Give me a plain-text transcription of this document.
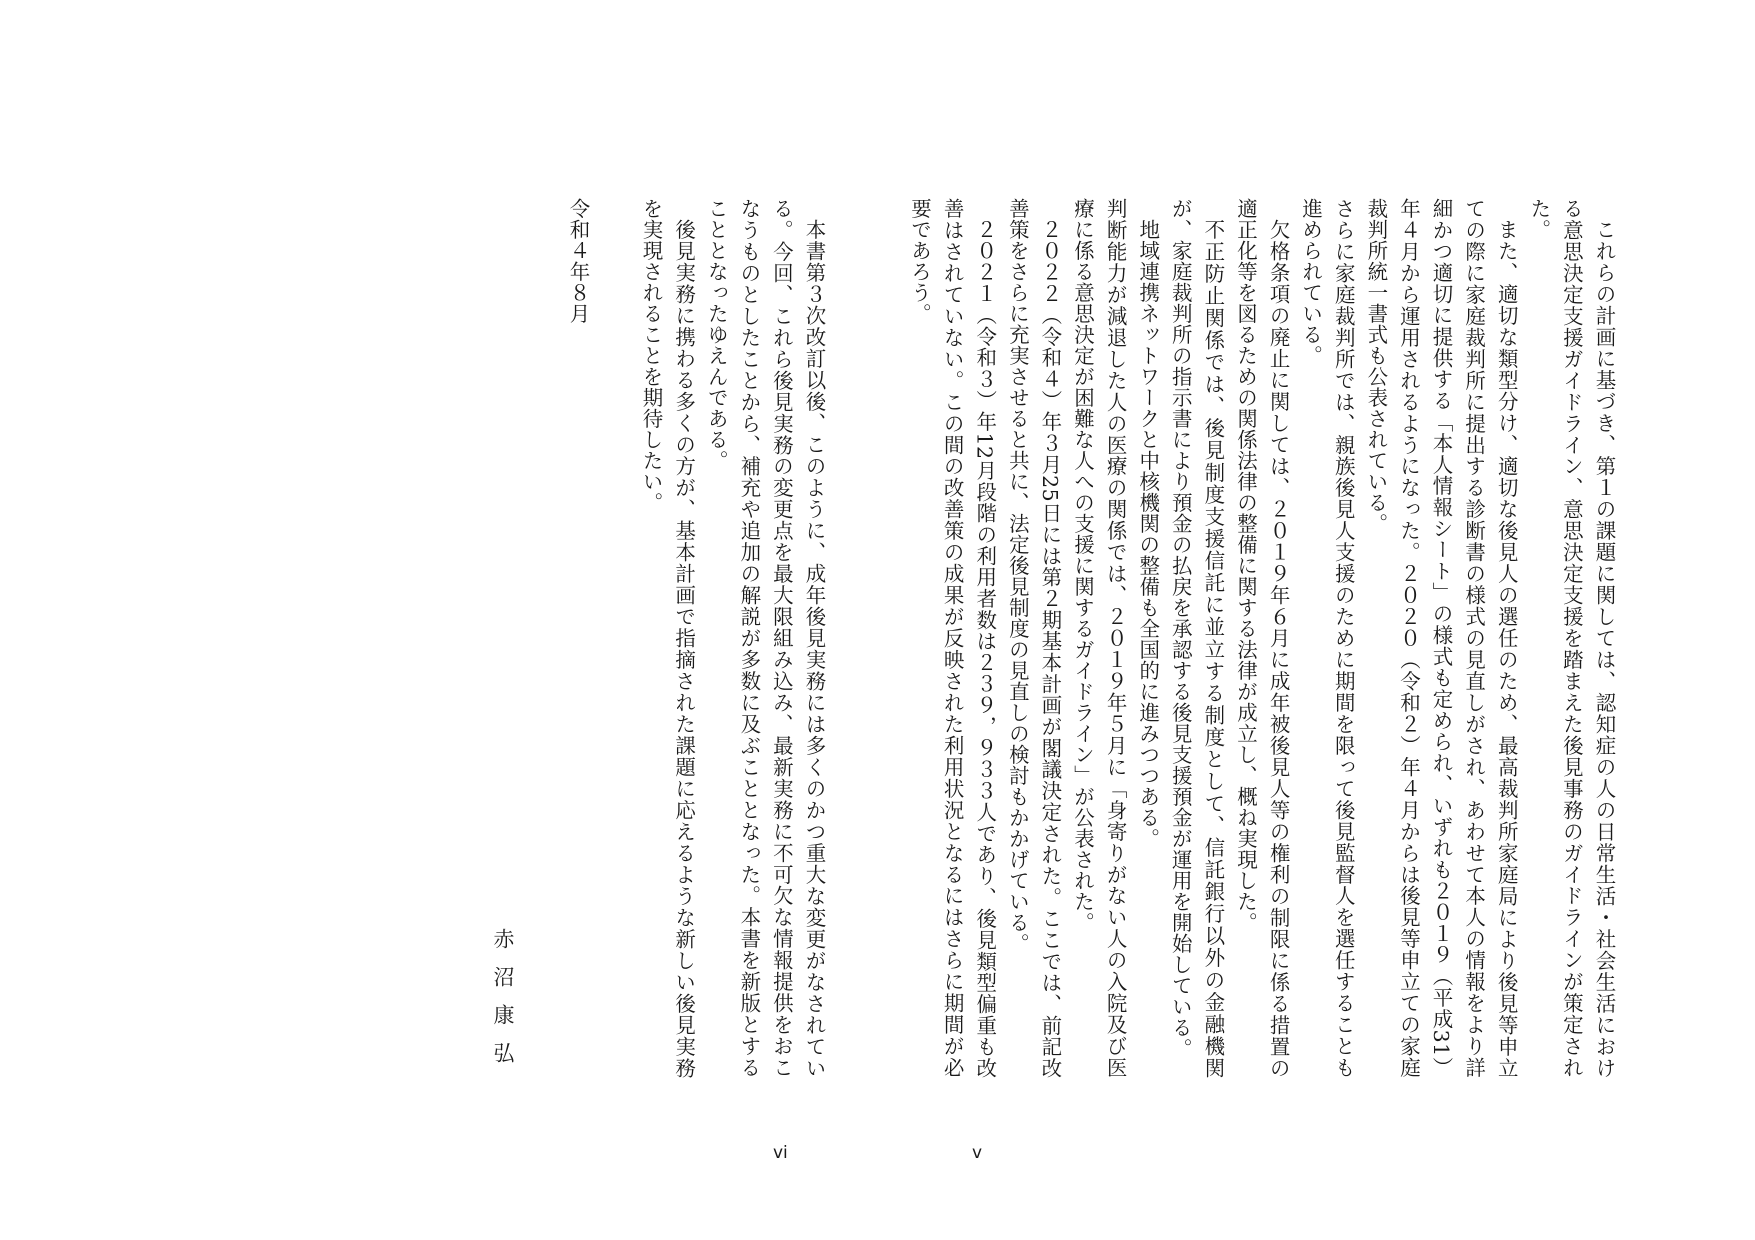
これらの計画に基づき、第１の課題に関しては、認知症の人の日常生活・社会生活における意思決定支援ガイドライン、意思決定支援を踏まえた後見事務のガイドラインが策定された。

また、適切な類型分け、適切な後見人の選任のため、最高裁判所家庭局により後見等申立ての際に家庭裁判所に提出する診断書の様式の見直しがされ、あわせて本人の情報をより詳細かつ適切に提供する「本人情報シート」の様式も定められ、いずれも２０１９（平成31）年４月から運用されるようになった。２０２０（令和２）年４月からは後見等申立ての家庭裁判所統一書式も公表されている。

さらに家庭裁判所では、親族後見人支援のために期間を限って後見監督人を選任することも進められている。

欠格条項の廃止に関しては、２０１９年６月に成年被後見人等の権利の制限に係る措置の適正化等を図るための関係法律の整備に関する法律が成立し、概ね実現した。

不正防止関係では、後見制度支援信託に並立する制度として、信託銀行以外の金融機関が、家庭裁判所の指示書により預金の払戻を承認する後見支援預金が運用を開始している。

地域連携ネットワークと中核機関の整備も全国的に進みつつある。

判断能力が減退した人の医療の関係では、２０１９年５月に「身寄りがない人の入院及び医療に係る意思決定が困難な人への支援に関するガイドライン」が公表された。

２０２２（令和４）年３月25日には第２期基本計画が閣議決定された。ここでは、前記改善策をさらに充実させると共に、法定後見制度の見直しの検討もかかげている。

２０２１（令和３）年12月段階の利用者数は２３９，９３３人であり、後見類型偏重も改善はされていない。この間の改善策の成果が反映された利用状況となるにはさらに期間が必要であろう。

本書第３次改訂以後、このように、成年後見実務には多くのかつ重大な変更がなされている。今回、これら後見実務の変更点を最大限組み込み、最新実務に不可欠な情報提供をおこなうものとしたことから、補充や追加の解説が多数に及ぶこととなった。本書を新版とすることとなったゆえんである。

後見実務に携わる多くの方が、基本計画で指摘された課題に応えるような新しい後見実務を実現されることを期待したい。

令和４年８月
赤沼康弘
vi	v
